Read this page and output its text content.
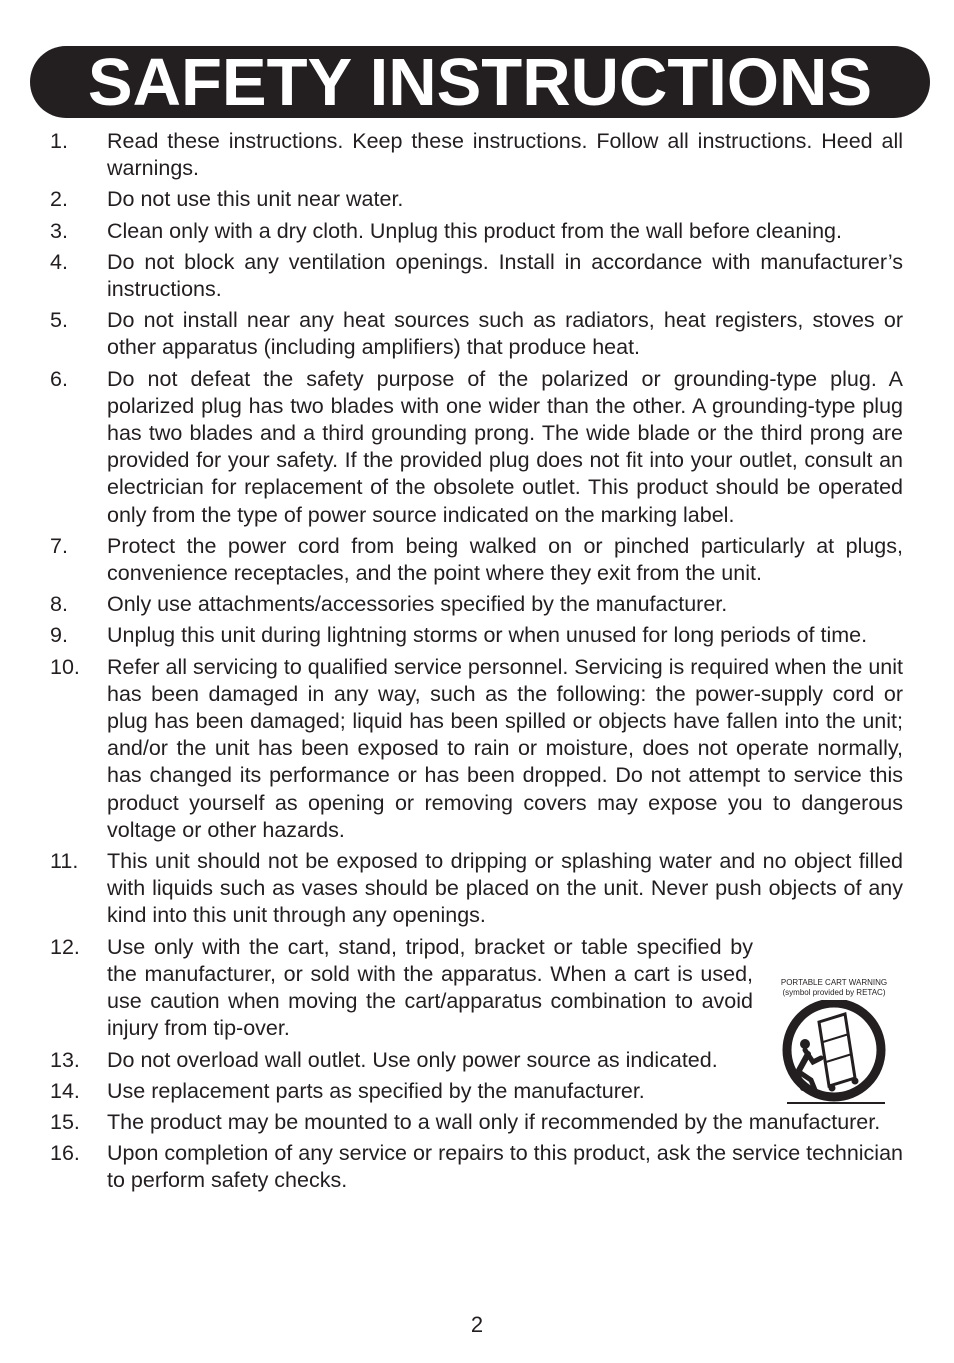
SAFETY INSTRUCTIONS
1. Read these instructions. Keep these instructions. Follow all instructions. Heed all warnings.
2. Do not use this unit near water.
3. Clean only with a dry cloth. Unplug this product from the wall before cleaning.
4. Do not block any ventilation openings. Install in accordance with manufacturer’s instructions.
5. Do not install near any heat sources such as radiators, heat registers, stoves or other apparatus (including amplifiers) that produce heat.
6. Do not defeat the safety purpose of the polarized or grounding-type plug. A polarized plug has two blades with one wider than the other. A grounding-type plug has two blades and a third grounding prong. The wide blade or the third prong are provided for your safety. If the provided plug does not fit into your outlet, consult an electrician for replacement of the obsolete outlet. This product should be operated only from the type of power source indicated on the marking label.
7. Protect the power cord from being walked on or pinched particularly at plugs, convenience receptacles, and the point where they exit from the unit.
8. Only use attachments/accessories specified by the manufacturer.
9. Unplug this unit during lightning storms or when unused for long periods of time.
10. Refer all servicing to qualified service personnel. Servicing is required when the unit has been damaged in any way, such as the following: the power-supply cord or plug has been damaged; liquid has been spilled or objects have fallen into the unit; and/or the unit has been exposed to rain or moisture, does not operate normally, has changed its performance or has been dropped. Do not attempt to service this product yourself as opening or removing covers may expose you to dangerous voltage or other hazards.
11. This unit should not be exposed to dripping or splashing water and no object filled with liquids such as vases should be placed on the unit. Never push objects of any kind into this unit through any openings.
12. Use only with the cart, stand, tripod, bracket or table specified by the manufacturer, or sold with the apparatus. When a cart is used, use caution when moving the cart/apparatus combination to avoid injury from tip-over.
13. Do not overload wall outlet. Use only power source as indicated.
14. Use replacement parts as specified by the manufacturer.
15. The product may be mounted to a wall only if recommended by the manufacturer.
16. Upon completion of any service or repairs to this product, ask the service technician to perform safety checks.
PORTABLE CART WARNING
(symbol provided by RETAC)
2
